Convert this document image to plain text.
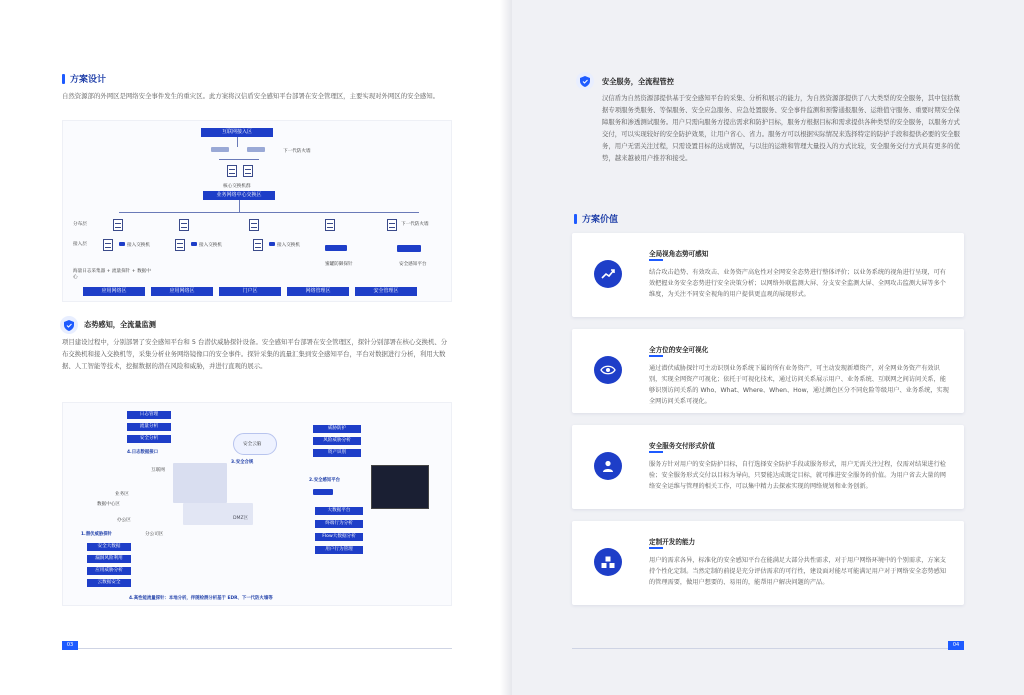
方案设计
自然资源部的外网区是网络安全事件发生的重灾区。此方案将汉信盾安全感知平台部署在安全管理区，主要实现对外网区的安全感知。
互联网接入区
下一代防火墙
核心交换机群
业务网络中心交换区
分布层
接入层
下一代防火墙
接入交换机	接入交换机	接入交换机
蜜罐防御探针	安全感知平台
海量日志采集器 + 流量探针 + 数据中心
应用网络区	应用网络区	门户区	网络管理区	安全管理区
态势感知，全流量监测
项目建设过程中，分别部署了安全感知平台和 5 台潜伏威胁探针设备。安全感知平台部署在安全管理区，探针分别部署在核心交换机、分布交换机和接入交换机等，采集分析业务网络镜像口的安全事件。探针采集的流量汇集到安全感知平台，平台对数据进行分析，利用大数据、人工智能等技术，挖掘数据的潜在风险和威胁，并进行直观的展示。
日志管理
流量分析
安全分析
4.日志数据接口
安全云脑
3.安全合规
威胁防护
风险威胁分析
资产识别
2.安全感知平台
大数据平台
终端行为分析
Flow大数据分析
用户行为管理
互联网
数据中心区
业务区
办公区	DMZ区
分公司区
1.潜伏威胁探针
安全大数据
漏洞风险利用
应用威胁分析
云数据安全
4.高性能流量探针：本地分析，伴随检测分析基于 EDR、下一代防火墙等
03
安全服务，全流程管控
汉信盾为自然资源部提供基于安全感知平台的采集、分析和展示的能力，为自然资源部提供了八大类型的安全服务，其中包括数据专项服务类服务、等保服务、安全应急服务、应急处置服务、安全事件监测和预警通报服务、运维值守服务、重要时期安全保障服务和渗透测试服务。用户只需向服务方提出需求和防护目标，服务方根据目标和需求提供各种类型的安全服务，以服务方式交付，可以实现较好的安全防护效果，让用户省心、省力。服务方可以根据实际情况来选择特定的防护手段和提供必要的安全服务，用户无需关注过程，只需设置目标的达成情况，与以往的运维和管理大量投入的方式比较，安全服务交付方式具有更多的优势，越来越被用户推荐和接受。
方案价值
04
全局视角态势可感知
结合攻击趋势、有效攻击、业务资产高危性对全网安全态势进行整体评价；以业务系统的视角进行呈现，可有效把握业务安全态势进行安全决策分析；以网络外联监测大屏、分支安全监测大屏、全网攻击监测大屏等多个维度，为关注不同安全视角的用户提供更直观的展现形式。
全方位的安全可视化
通过潜伏威胁探针可主动识别业务系统下属的所有业务资产，可主动发现新增资产，对全网业务资产有效识别，实现全网资产可视化；依托于可视化技术，通过访问关系展示用户、业务系统、互联网之间访问关系，能够识别访问关系的 Who、What、Where、When、How，通过颜色区分不同危险等级用户、业务系统，实现全网访问关系可视化。
安全服务交付形式价值
服务方针对用户的安全防护目标，自行选择安全防护手段或服务形式，用户无需关注过程，仅需对结果进行检验；安全服务形式交付以目标为导向，只要能达成既定目标，就可推进安全服务的价值。为用户省去大量的网络安全运维与管理的相关工作，可以集中精力去探索实现的网络规划和业务创新。
定制开发的能力
用户的需求各异，标准化的安全感知平台在能满足大部分共性需求，对于用户网络环境中的个别需求，方案支持个性化定制。当然定制的前提是充分评估需求的可行性，建设面对能尽可能满足用户对于网络安全态势感知的管理需要，做用户想要的、易用的，能帮用户解决问题的产品。
